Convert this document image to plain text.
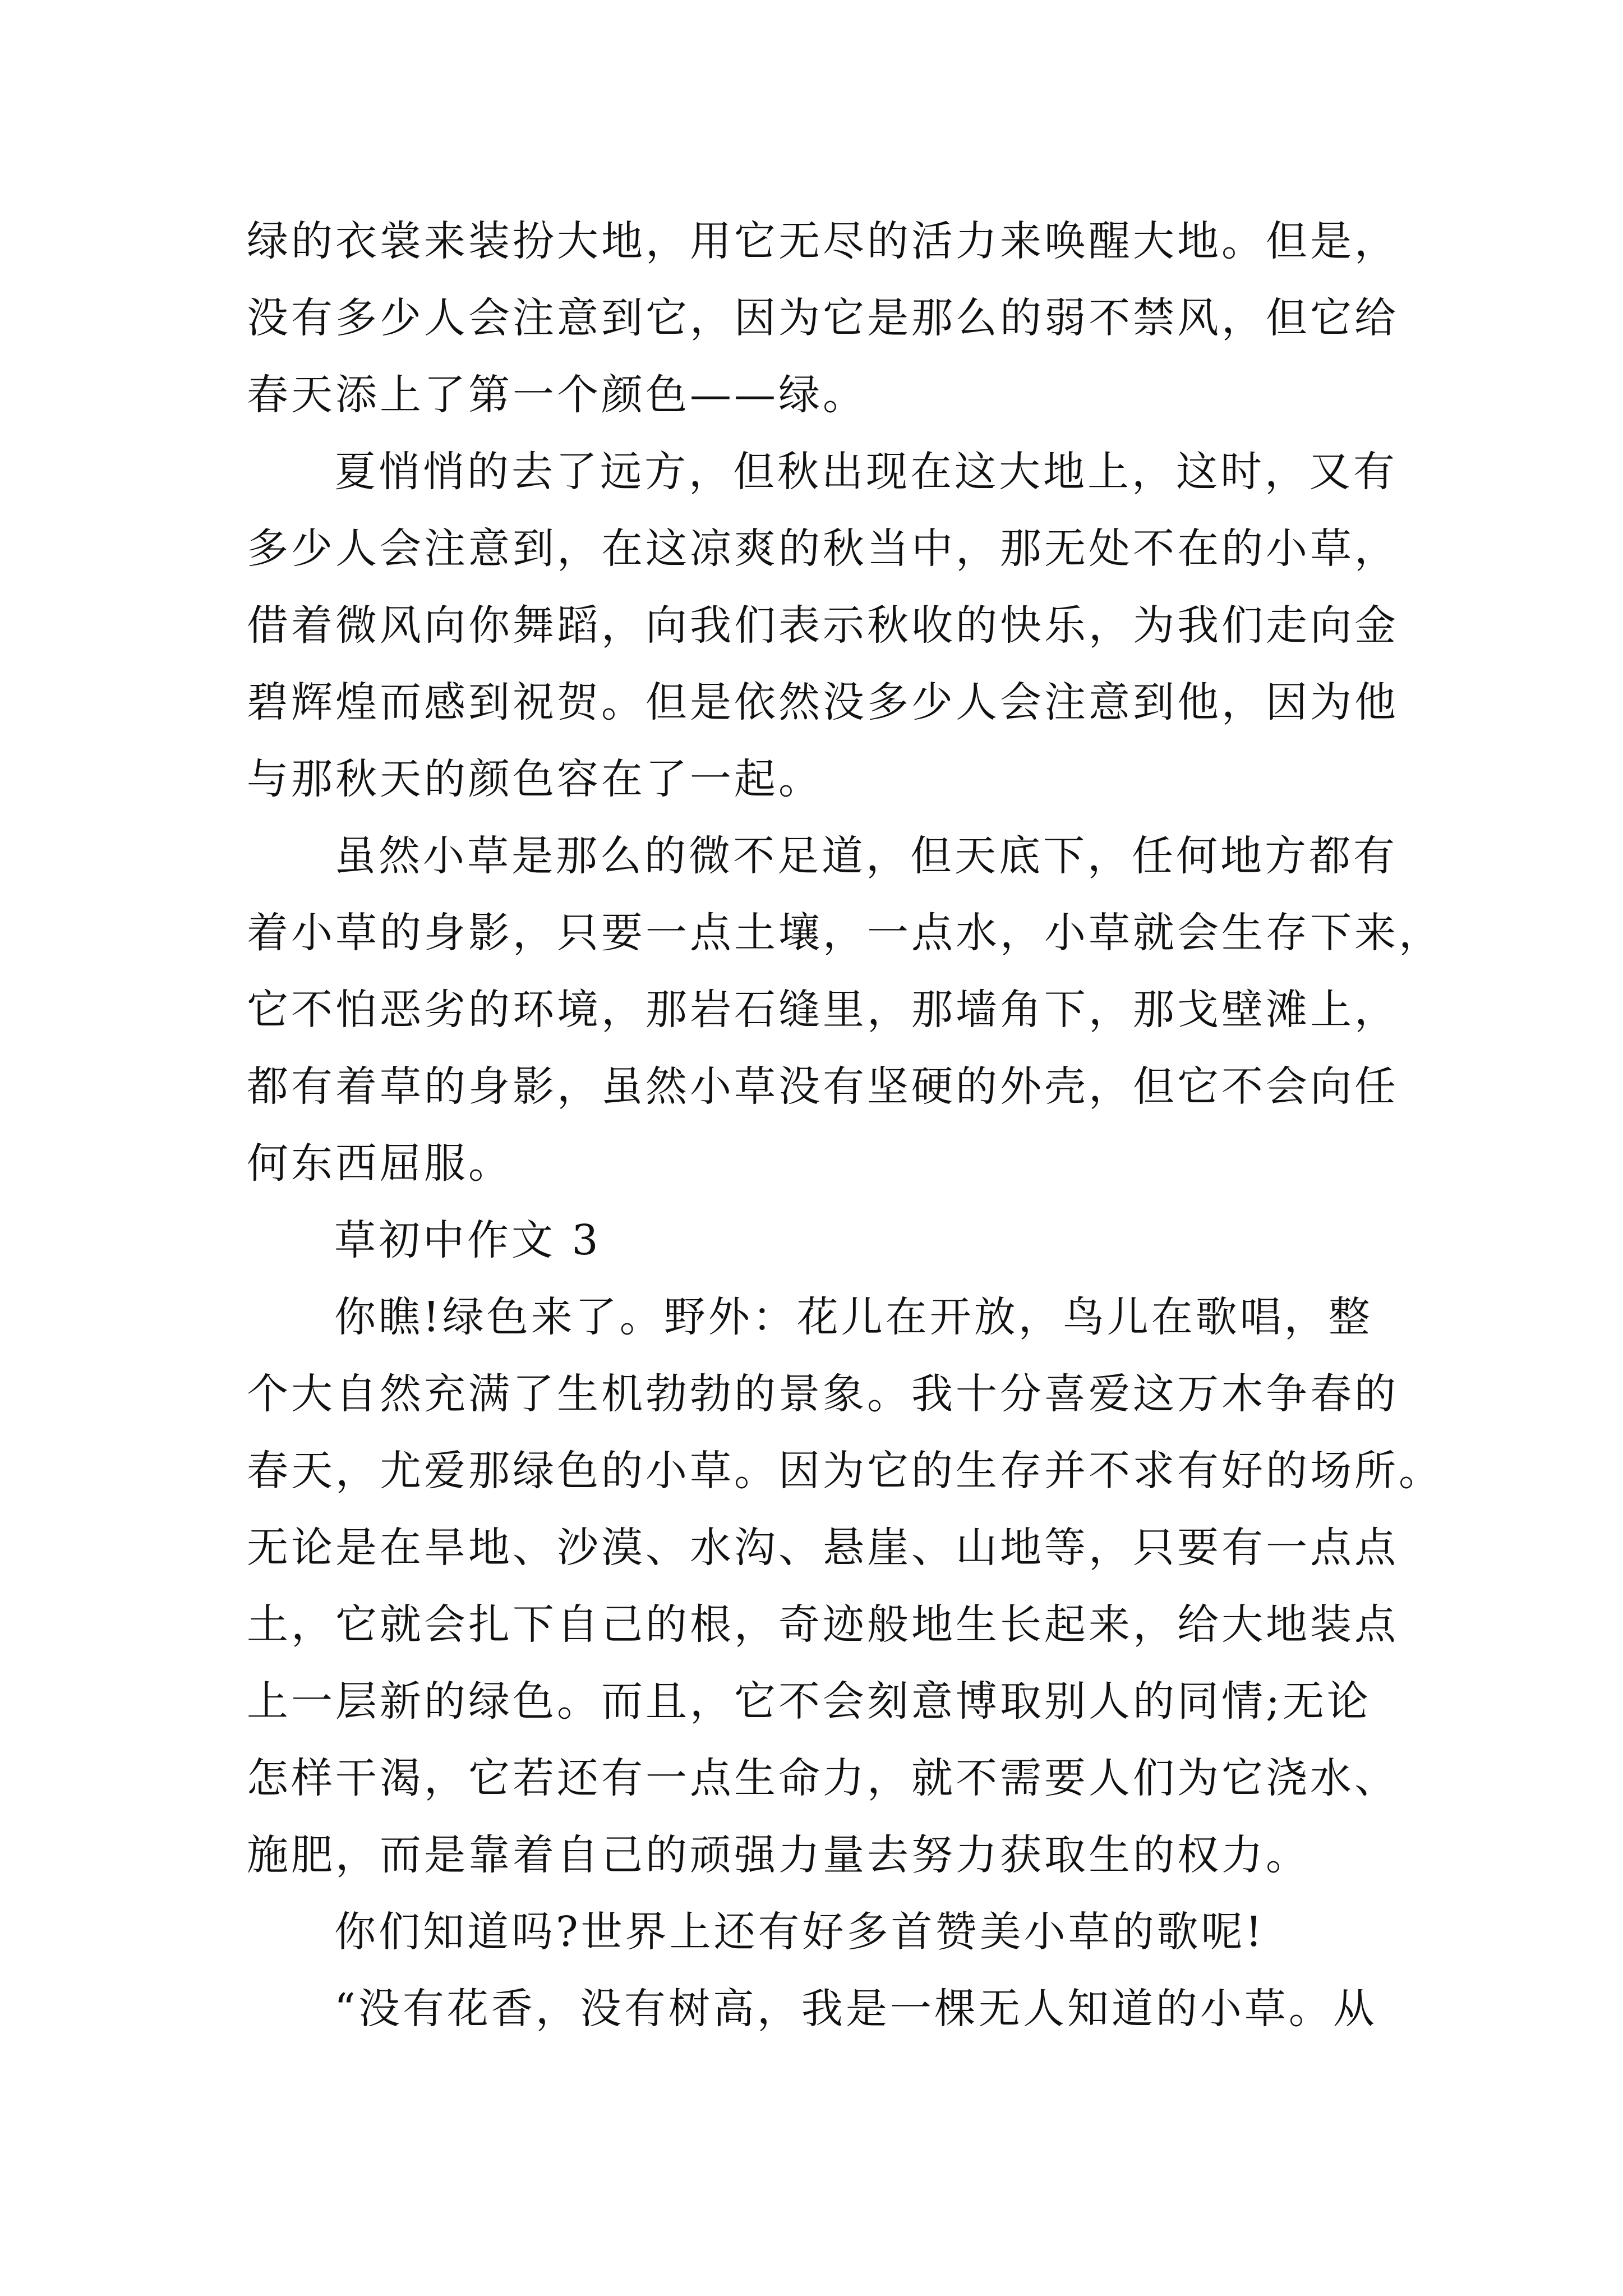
绿的衣裳来装扮大地，用它无尽的活力来唤醒大地。但是，
没有多少人会注意到它，因为它是那么的弱不禁风，但它给
春天添上了第一个颜色——绿。
夏悄悄的去了远方，但秋出现在这大地上，这时，又有
多少人会注意到，在这凉爽的秋当中，那无处不在的小草，
借着微风向你舞蹈，向我们表示秋收的快乐，为我们走向金
碧辉煌而感到祝贺。但是依然没多少人会注意到他，因为他
与那秋天的颜色容在了一起。
虽然小草是那么的微不足道，但天底下，任何地方都有
着小草的身影，只要一点土壤，一点水，小草就会生存下来，
它不怕恶劣的环境，那岩石缝里，那墙角下，那戈壁滩上，
都有着草的身影，虽然小草没有坚硬的外壳，但它不会向任
何东西屈服。
草初中作文 3
你瞧!绿色来了。野外：花儿在开放，鸟儿在歌唱，整
个大自然充满了生机勃勃的景象。我十分喜爱这万木争春的
春天，尤爱那绿色的小草。因为它的生存并不求有好的场所。
无论是在旱地、沙漠、水沟、悬崖、山地等，只要有一点点
土，它就会扎下自己的根，奇迹般地生长起来，给大地装点
上一层新的绿色。而且，它不会刻意博取别人的同情;无论
怎样干渴，它若还有一点生命力，就不需要人们为它浇水、
施肥，而是靠着自己的顽强力量去努力获取生的权力。
你们知道吗?世界上还有好多首赞美小草的歌呢!
“没有花香，没有树高，我是一棵无人知道的小草。从
